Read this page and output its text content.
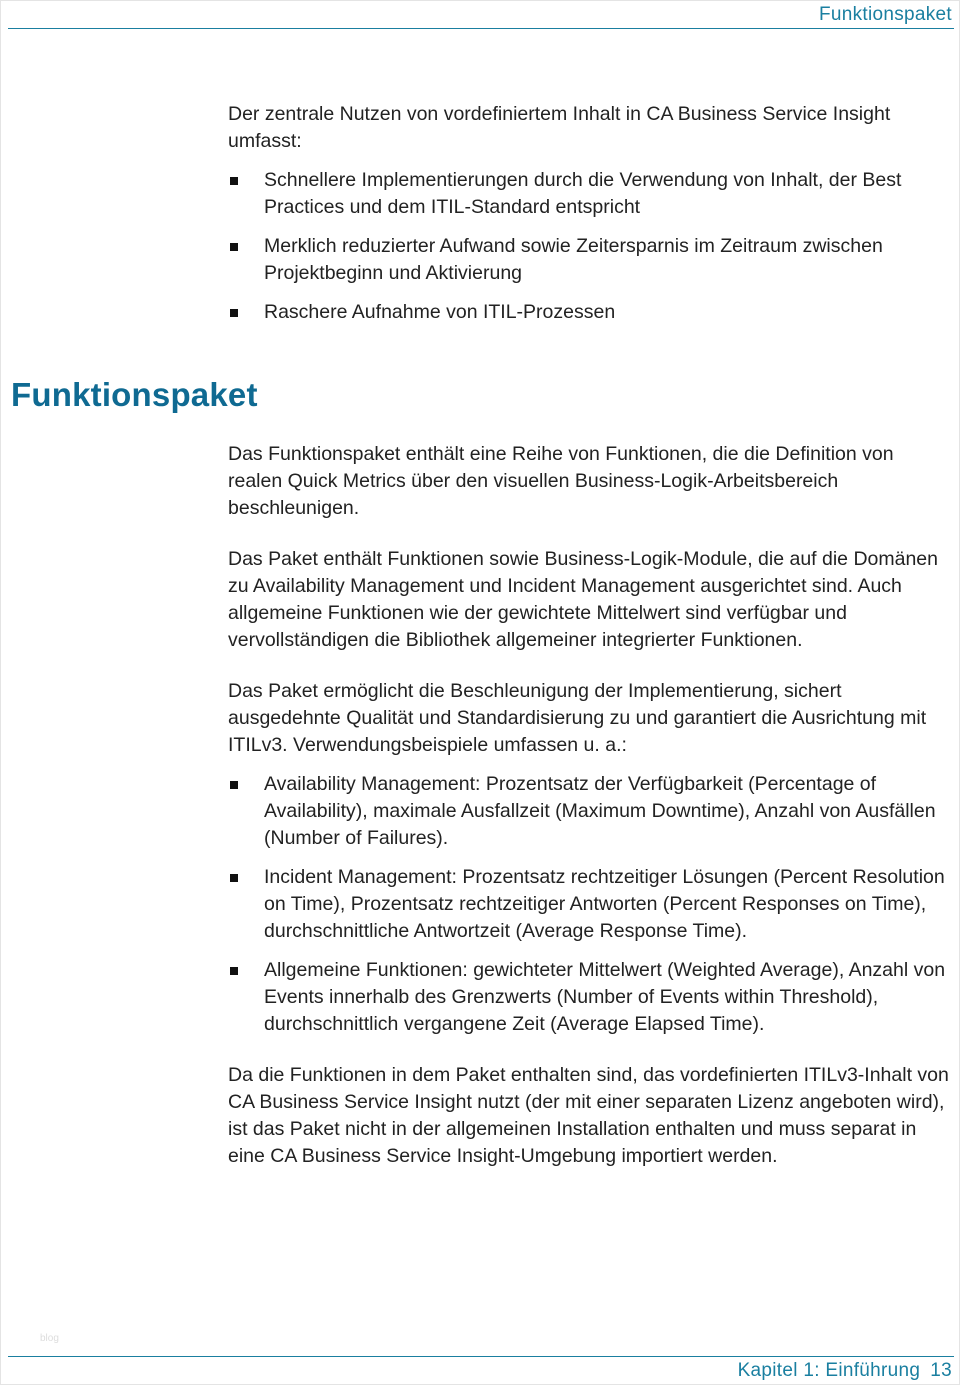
Funktionspaket

Der zentrale Nutzen von vordefiniertem Inhalt in CA Business Service Insight umfasst:

Schnellere Implementierungen durch die Verwendung von Inhalt, der Best Practices und dem ITIL-Standard entspricht
Merklich reduzierter Aufwand sowie Zeitersparnis im Zeitraum zwischen Projektbeginn und Aktivierung
Raschere Aufnahme von ITIL-Prozessen
Funktionspaket

Das Funktionspaket enthält eine Reihe von Funktionen, die die Definition von realen Quick Metrics über den visuellen Business-Logik-Arbeitsbereich beschleunigen.

Das Paket enthält Funktionen sowie Business-Logik-Module, die auf die Domänen zu Availability Management und Incident Management ausgerichtet sind. Auch allgemeine Funktionen wie der gewichtete Mittelwert sind verfügbar und vervollständigen die Bibliothek allgemeiner integrierter Funktionen.

Das Paket ermöglicht die Beschleunigung der Implementierung, sichert ausgedehnte Qualität und Standardisierung zu und garantiert die Ausrichtung mit ITILv3. Verwendungsbeispiele umfassen u. a.:

Availability Management: Prozentsatz der Verfügbarkeit (Percentage of Availability), maximale Ausfallzeit (Maximum Downtime), Anzahl von Ausfällen (Number of Failures).
Incident Management: Prozentsatz rechtzeitiger Lösungen (Percent Resolution on Time), Prozentsatz rechtzeitiger Antworten (Percent Responses on Time), durchschnittliche Antwortzeit (Average Response Time).
Allgemeine Funktionen: gewichteter Mittelwert (Weighted Average), Anzahl von Events innerhalb des Grenzwerts (Number of Events within Threshold), durchschnittlich vergangene Zeit (Average Elapsed Time).

Da die Funktionen in dem Paket enthalten sind, das vordefinierten ITILv3-Inhalt von CA Business Service Insight nutzt (der mit einer separaten Lizenz angeboten wird), ist das Paket nicht in der allgemeinen Installation enthalten und muss separat in eine CA Business Service Insight-Umgebung importiert werden.

blog
Kapitel 1: Einführung 13
